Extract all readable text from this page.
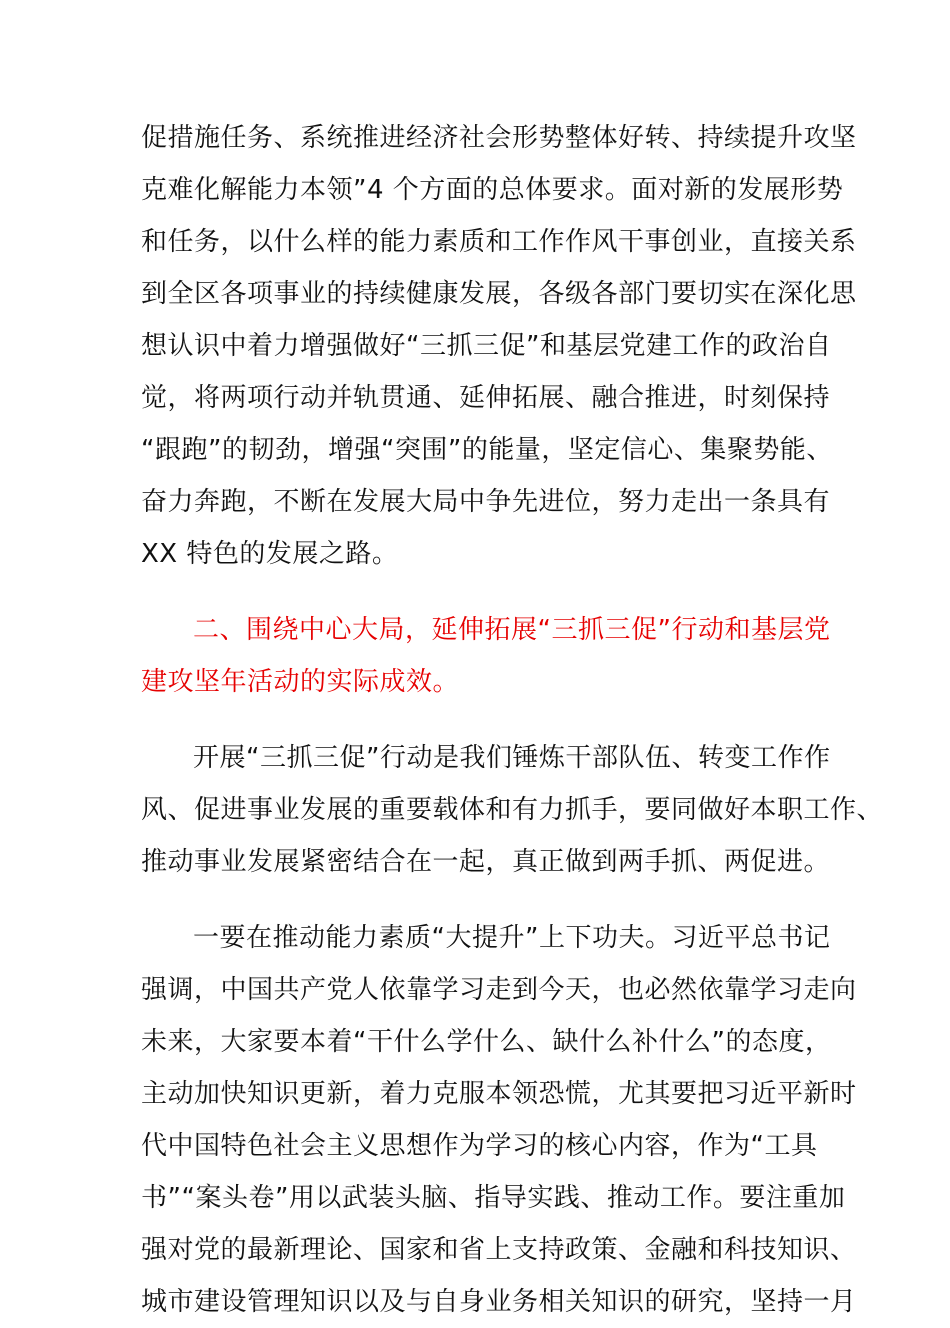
促措施任务、系统推进经济社会形势整体好转、持续提升攻坚
克难化解能力本领”4 个方面的总体要求。面对新的发展形势
和任务，以什么样的能力素质和工作作风干事创业，直接关系
到全区各项事业的持续健康发展，各级各部门要切实在深化思
想认识中着力增强做好“三抓三促”和基层党建工作的政治自
觉，将两项行动并轨贯通、延伸拓展、融合推进，时刻保持
“跟跑”的韧劲，增强“突围”的能量，坚定信心、集聚势能、
奋力奔跑，不断在发展大局中争先进位，努力走出一条具有
XX 特色的发展之路。
二、围绕中心大局，延伸拓展“三抓三促”行动和基层党
建攻坚年活动的实际成效。
开展“三抓三促”行动是我们锤炼干部队伍、转变工作作
风、促进事业发展的重要载体和有力抓手，要同做好本职工作、
推动事业发展紧密结合在一起，真正做到两手抓、两促进。
一要在推动能力素质“大提升”上下功夫。习近平总书记
强调，中国共产党人依靠学习走到今天，也必然依靠学习走向
未来，大家要本着“干什么学什么、缺什么补什么”的态度，
主动加快知识更新，着力克服本领恐慌，尤其要把习近平新时
代中国特色社会主义思想作为学习的核心内容，作为“工具
书”“案头卷”用以武装头脑、指导实践、推动工作。要注重加
强对党的最新理论、国家和省上支持政策、金融和科技知识、
城市建设管理知识以及与自身业务相关知识的研究，坚持一月
